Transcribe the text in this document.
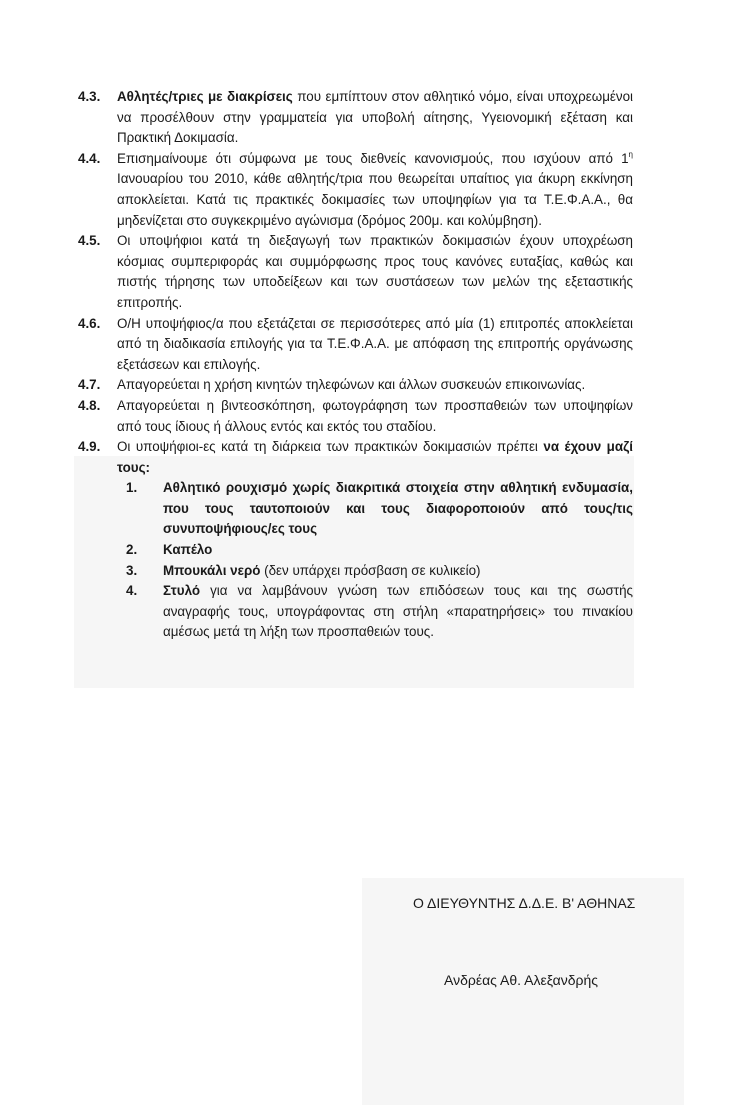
4.3.	Αθλητές/τριες με διακρίσεις που εμπίπτουν στον αθλητικό νόμο, είναι υποχρεωμένοι να προσέλθουν στην γραμματεία για υποβολή αίτησης, Υγειονομική εξέταση και Πρακτική Δοκιμασία.
4.4.	Επισημαίνουμε ότι σύμφωνα με τους διεθνείς κανονισμούς, που ισχύουν από $1^\eta$ Ιανουαρίου του 2010, κάθε αθλητής/τρια που θεωρείται υπαίτιος για άκυρη εκκίνηση αποκλείεται. Κατά τις πρακτικές δοκιμασίες των υποψηφίων για τα Τ.Ε.Φ.Α.Α., θα μηδενίζεται στο συγκεκριμένο αγώνισμα (δρόμος 200μ. και κολύμβηση).
4.5.	Οι υποψήφιοι κατά τη διεξαγωγή των πρακτικών δοκιμασιών έχουν υποχρέωση κόσμιας συμπεριφοράς και συμμόρφωσης προς τους κανόνες ευταξίας, καθώς και πιστής τήρησης των υποδείξεων και των συστάσεων των μελών της εξεταστικής επιτροπής.
4.6.	Ο/Η υποψήφιος/α που εξετάζεται σε περισσότερες από μία (1) επιτροπές αποκλείεται από τη διαδικασία επιλογής για τα Τ.Ε.Φ.Α.Α. με απόφαση της επιτροπής οργάνωσης εξετάσεων και επιλογής.
4.7.	Απαγορεύεται η χρήση κινητών τηλεφώνων και άλλων συσκευών επικοινωνίας.
4.8.	Απαγορεύεται η βιντεοσκόπηση, φωτογράφηση των προσπαθειών των υποψηφίων από τους ίδιους ή άλλους εντός και εκτός του σταδίου.
4.9.	Οι υποψήφιοι-ες κατά τη διάρκεια των πρακτικών δοκιμασιών πρέπει να έχουν μαζί τους:
1.	Αθλητικό ρουχισμό χωρίς διακριτικά στοιχεία στην αθλητική ενδυμασία, που τους ταυτοποιούν και τους διαφοροποιούν από τους/τις συνυποψήφιους/ες τους
2.	Καπέλο
3.	Μπουκάλι νερό (δεν υπάρχει πρόσβαση σε κυλικείο)
4.	Στυλό για να λαμβάνουν γνώση των επιδόσεων τους και της σωστής αναγραφής τους, υπογράφοντας στη στήλη «παρατηρήσεις» του πινακίου αμέσως μετά τη λήξη των προσπαθειών τους.
Ο ΔΙΕΥΘΥΝΤΗΣ Δ.Δ.Ε. Β' ΑΘΗΝΑΣ
Ανδρέας Αθ. Αλεξανδρής
